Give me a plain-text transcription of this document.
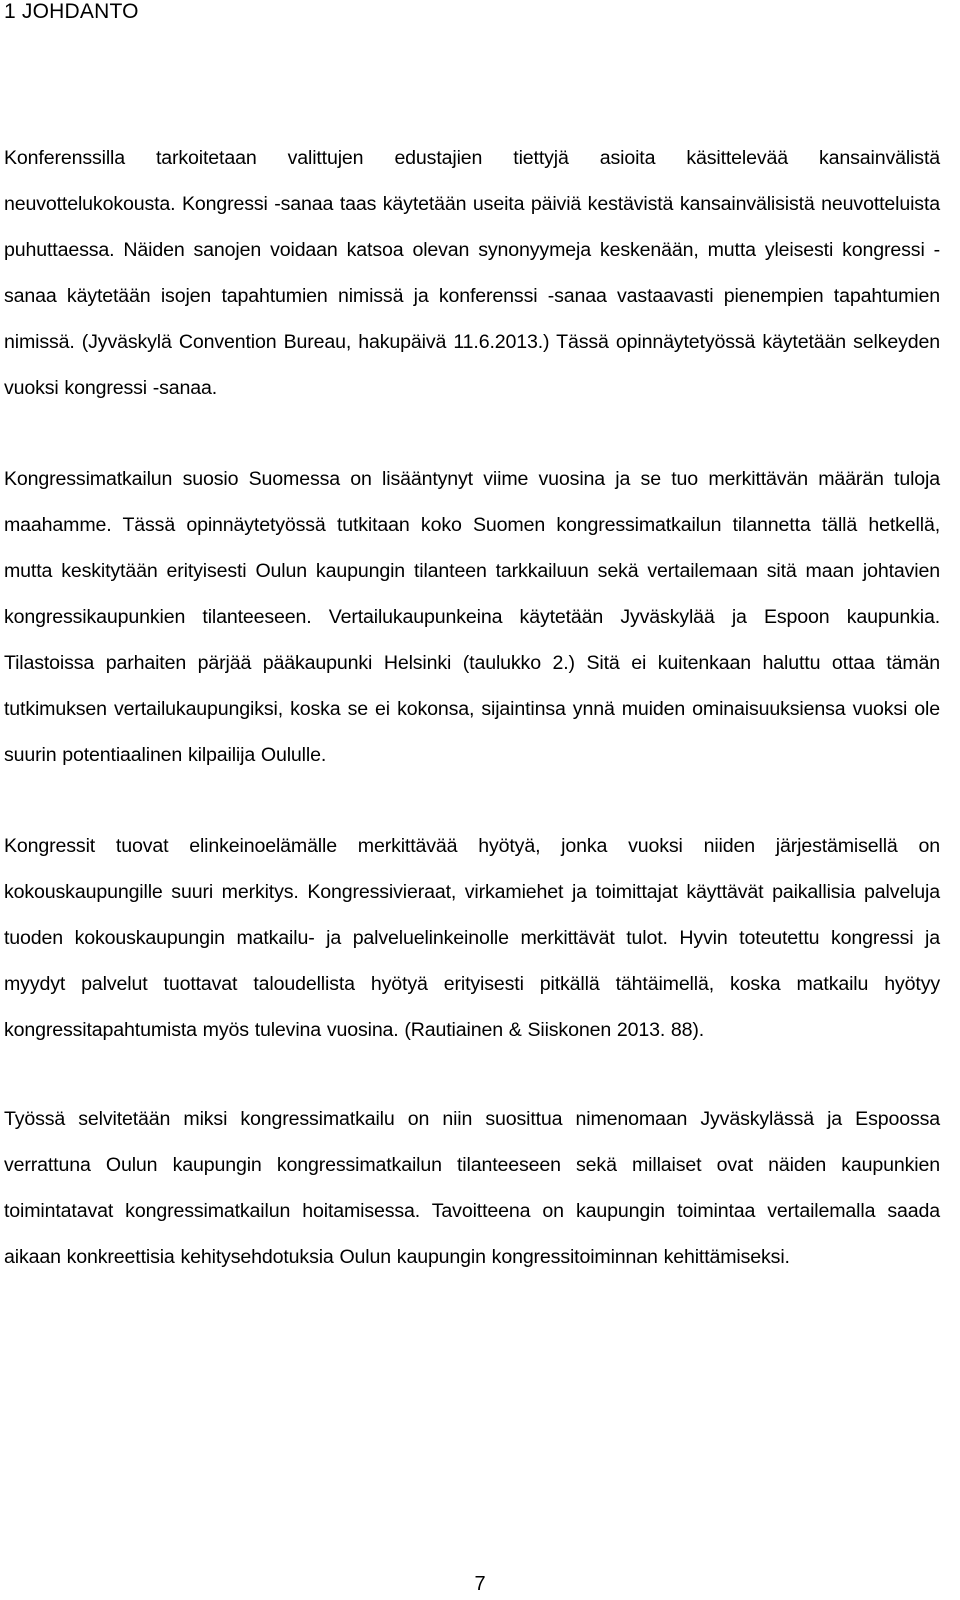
1 JOHDANTO

Konferenssilla tarkoitetaan valittujen edustajien tiettyjä asioita käsittelevää kansainvälistä neuvottelukokousta. Kongressi -sanaa taas käytetään useita päiviä kestävistä kansainvälisistä neuvotteluista puhuttaessa. Näiden sanojen voidaan katsoa olevan synonyymeja keskenään, mutta yleisesti kongressi -sanaa käytetään isojen tapahtumien nimissä ja konferenssi -sanaa vastaavasti pienempien tapahtumien nimissä. (Jyväskylä Convention Bureau, hakupäivä 11.6.2013.) Tässä opinnäytetyössä käytetään selkeyden vuoksi kongressi -sanaa.

Kongressimatkailun suosio Suomessa on lisääntynyt viime vuosina ja se tuo merkittävän määrän tuloja maahamme. Tässä opinnäytetyössä tutkitaan koko Suomen kongressimatkailun tilannetta tällä hetkellä, mutta keskitytään erityisesti Oulun kaupungin tilanteen tarkkailuun sekä vertailemaan sitä maan johtavien kongressikaupunkien tilanteeseen. Vertailukaupunkeina käytetään Jyväskylää ja Espoon kaupunkia. Tilastoissa parhaiten pärjää pääkaupunki Helsinki (taulukko 2.) Sitä ei kuitenkaan haluttu ottaa tämän tutkimuksen vertailukaupungiksi, koska se ei kokonsa, sijaintinsa ynnä muiden ominaisuuksiensa vuoksi ole suurin potentiaalinen kilpailija Oululle.

Kongressit tuovat elinkeinoelämälle merkittävää hyötyä, jonka vuoksi niiden järjestämisellä on kokouskaupungille suuri merkitys. Kongressivieraat, virkamiehet ja toimittajat käyttävät paikallisia palveluja tuoden kokouskaupungin matkailu- ja palveluelinkeinolle merkittävät tulot. Hyvin toteutettu kongressi ja myydyt palvelut tuottavat taloudellista hyötyä erityisesti pitkällä tähtäimellä, koska matkailu hyötyy kongressitapahtumista myös tulevina vuosina. (Rautiainen & Siiskonen 2013. 88).

Työssä selvitetään miksi kongressimatkailu on niin suosittua nimenomaan Jyväskylässä ja Espoossa verrattuna Oulun kaupungin kongressimatkailun tilanteeseen sekä millaiset ovat näiden kaupunkien toimintatavat kongressimatkailun hoitamisessa. Tavoitteena on kaupungin toimintaa vertailemalla saada aikaan konkreettisia kehitysehdotuksia Oulun kaupungin kongressitoiminnan kehittämiseksi.

7
